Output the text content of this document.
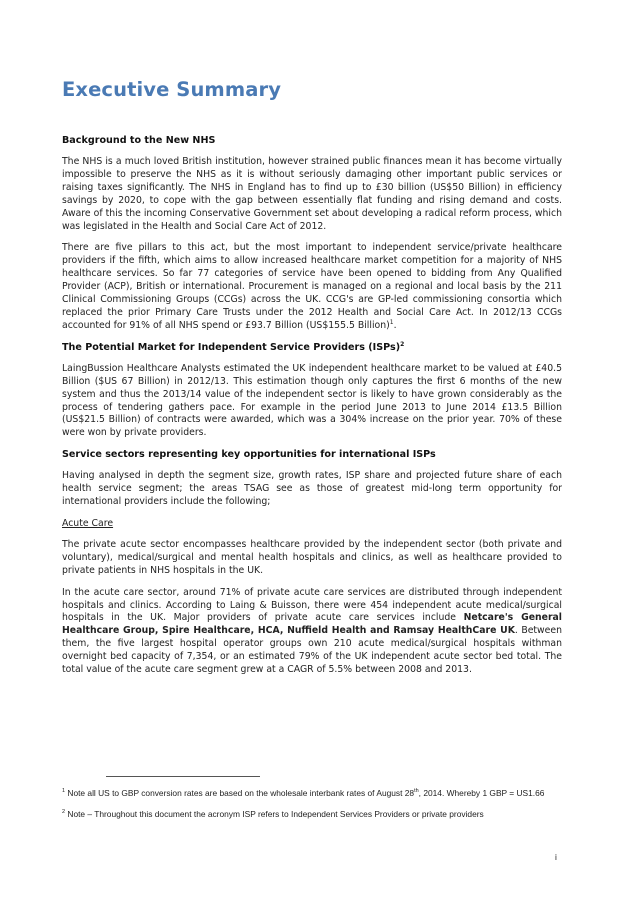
Executive Summary
Background to the New NHS

The NHS is a much loved British institution, however strained public finances mean it has become virtually impossible to preserve the NHS as it is without seriously damaging other important public services or raising taxes significantly. The NHS in England has to find up to £30 billion (US$50 Billion) in efficiency savings by 2020, to cope with the gap between essentially flat funding and rising demand and costs. Aware of this the incoming Conservative Government set about developing a radical reform process, which was legislated in the Health and Social Care Act of 2012.

There are five pillars to this act, but the most important to independent service/private healthcare providers if the fifth, which aims to allow increased healthcare market competition for a majority of NHS healthcare services. So far 77 categories of service have been opened to bidding from Any Qualified Provider (ACP), British or international. Procurement is managed on a regional and local basis by the 211 Clinical Commissioning Groups (CCGs) across the UK. CCG's are GP-led commissioning consortia which replaced the prior Primary Care Trusts under the 2012 Health and Social Care Act. In 2012/13 CCGs accounted for 91% of all NHS spend or £93.7 Billion (US$155.5 Billion)$^1$.

The Potential Market for Independent Service Providers (ISPs)$^2$

LaingBussion Healthcare Analysts estimated the UK independent healthcare market to be valued at £40.5 Billion ($US 67 Billion) in 2012/13. This estimation though only captures the first 6 months of the new system and thus the 2013/14 value of the independent sector is likely to have grown considerably as the process of tendering gathers pace. For example in the period June 2013 to June 2014 £13.5 Billion (US$21.5 Billion) of contracts were awarded, which was a 304% increase on the prior year. 70% of these were won by private providers.

Service sectors representing key opportunities for international ISPs

Having analysed in depth the segment size, growth rates, ISP share and projected future share of each health service segment; the areas TSAG see as those of greatest mid-long term opportunity for international providers include the following;

Acute Care

The private acute sector encompasses healthcare provided by the independent sector (both private and voluntary), medical/surgical and mental health hospitals and clinics, as well as healthcare provided to private patients in NHS hospitals in the UK.

In the acute care sector, around 71% of private acute care services are distributed through independent hospitals and clinics. According to Laing & Buisson, there were 454 independent acute medical/surgical hospitals in the UK. Major providers of private acute care services include Netcare's General Healthcare Group, Spire Healthcare, HCA, Nuffield Health and Ramsay HealthCare UK. Between them, the five largest hospital operator groups own 210 acute medical/surgical hospitals withman overnight bed capacity of 7,354, or an estimated 79% of the UK independent acute sector bed total. The total value of the acute care segment grew at a CAGR of 5.5% between 2008 and 2013.

$^1$ Note all US to GBP conversion rates are based on the wholesale interbank rates of August 28th, 2014. Whereby 1 GBP = US1.66

$^2$ Note – Throughout this document the acronym ISP refers to Independent Services Providers or private providers

i
